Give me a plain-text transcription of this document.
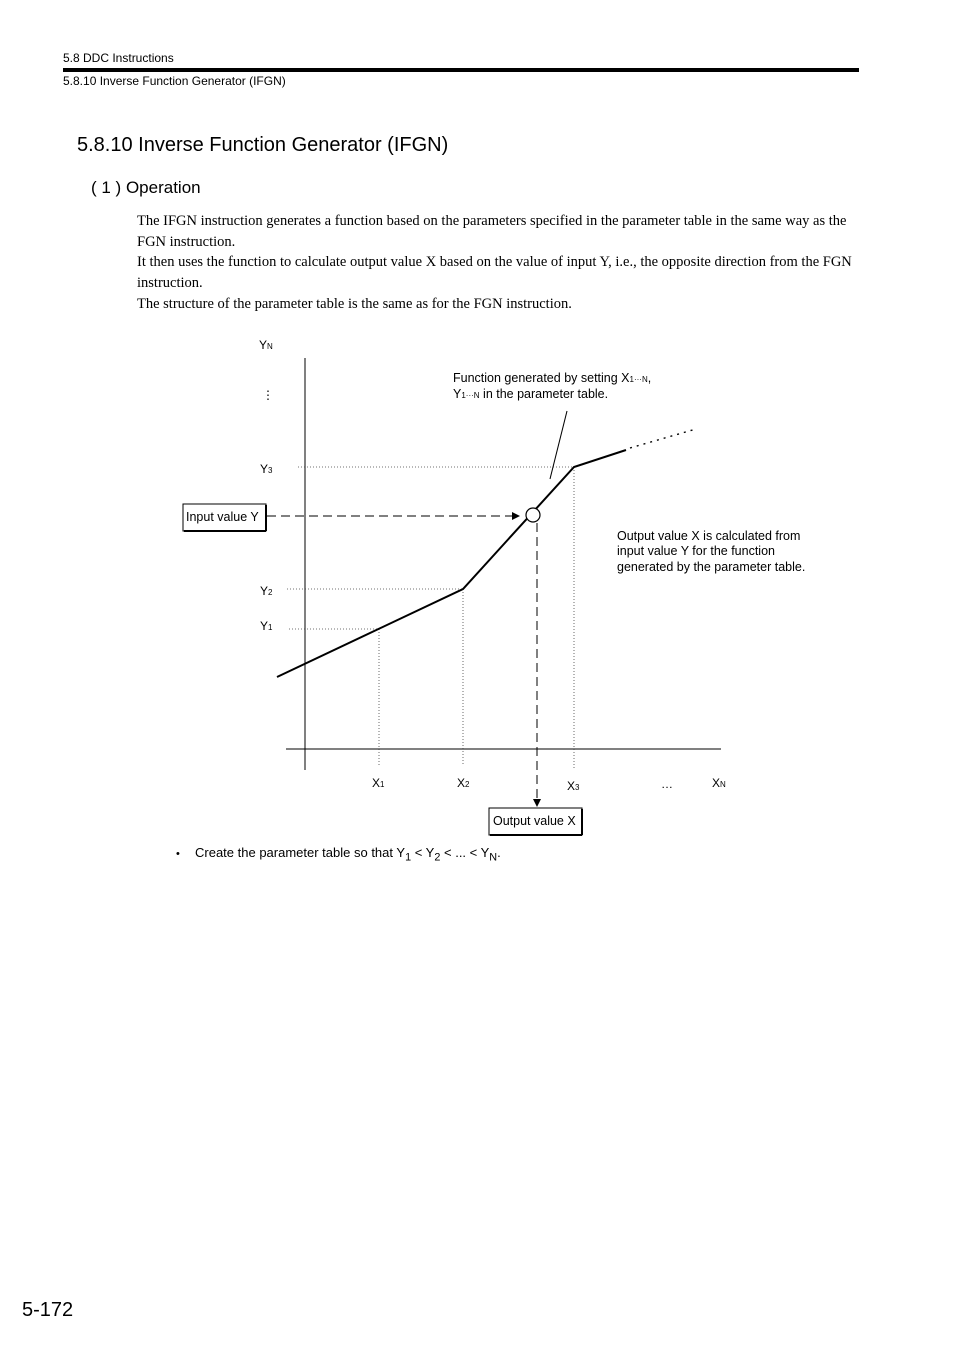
5.8 DDC Instructions
5.8.10 Inverse Function Generator (IFGN)
5.8.10 Inverse Function Generator (IFGN)
( 1 ) Operation

The IFGN instruction generates a function based on the parameters specified in the parameter table in the same way as the FGN instruction.

It then uses the function to calculate output value X based on the value of input Y, i.e., the opposite direction from the FGN instruction.

The structure of the parameter table is the same as for the FGN instruction.

Input value Y
Output value X
YN
⋮
Y3
Y2
Y1
X1	X2	X3	…	XN
Function generated by setting X1···N,
Y1···N in the parameter table.
Output value X is calculated from
input value Y for the function
generated by the parameter table.
• Create the parameter table so that $Y_1 < Y_2$ < ... < $Y_N$.
5-172
